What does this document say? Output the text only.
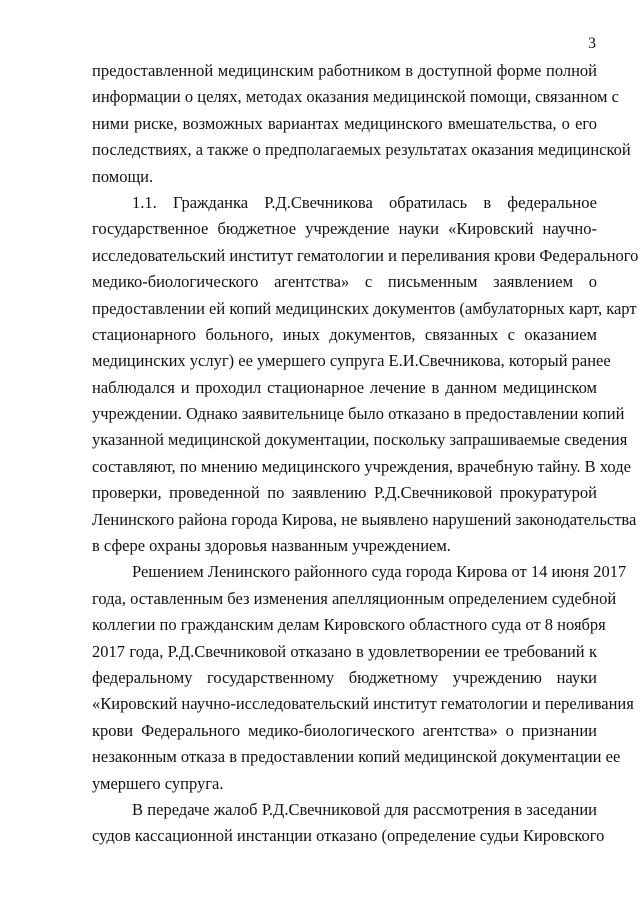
3
предоставленной медицинским работником в доступной форме полной
информации о целях, методах оказания медицинской помощи, связанном с
ними риске, возможных вариантах медицинского вмешательства, о его
последствиях, а также о предполагаемых результатах оказания медицинской
помощи.
1.1. Гражданка Р.Д.Свечникова обратилась в федеральное
государственное бюджетное учреждение науки «Кировский научно-
исследовательский институт гематологии и переливания крови Федерального
медико-биологического агентства» с письменным заявлением о
предоставлении ей копий медицинских документов (амбулаторных карт, карт
стационарного больного, иных документов, связанных с оказанием
медицинских услуг) ее умершего супруга Е.И.Свечникова, который ранее
наблюдался и проходил стационарное лечение в данном медицинском
учреждении. Однако заявительнице было отказано в предоставлении копий
указанной медицинской документации, поскольку запрашиваемые сведения
составляют, по мнению медицинского учреждения, врачебную тайну. В ходе
проверки, проведенной по заявлению Р.Д.Свечниковой прокуратурой
Ленинского района города Кирова, не выявлено нарушений законодательства
в сфере охраны здоровья названным учреждением.
Решением Ленинского районного суда города Кирова от 14 июня 2017
года, оставленным без изменения апелляционным определением судебной
коллегии по гражданским делам Кировского областного суда от 8 ноября
2017 года, Р.Д.Свечниковой отказано в удовлетворении ее требований к
федеральному государственному бюджетному учреждению науки
«Кировский научно-исследовательский институт гематологии и переливания
крови Федерального медико-биологического агентства» о признании
незаконным отказа в предоставлении копий медицинской документации ее
умершего супруга.
В передаче жалоб Р.Д.Свечниковой для рассмотрения в заседании
судов кассационной инстанции отказано (определение судьи Кировского
